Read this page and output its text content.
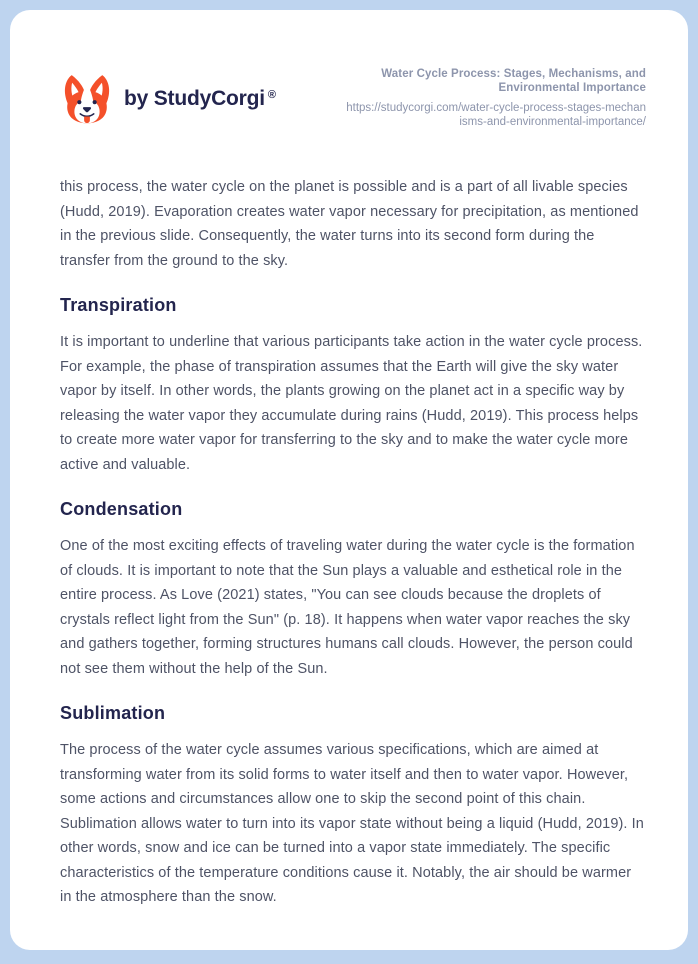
by StudyCorgi ®
Water Cycle Process: Stages, Mechanisms, and Environmental Importance
https://studycorgi.com/water-cycle-process-stages-mechanisms-and-environmental-importance/

this process, the water cycle on the planet is possible and is a part of all livable species (Hudd, 2019). Evaporation creates water vapor necessary for precipitation, as mentioned in the previous slide. Consequently, the water turns into its second form during the transfer from the ground to the sky.

Transpiration

It is important to underline that various participants take action in the water cycle process. For example, the phase of transpiration assumes that the Earth will give the sky water vapor by itself. In other words, the plants growing on the planet act in a specific way by releasing the water vapor they accumulate during rains (Hudd, 2019). This process helps to create more water vapor for transferring to the sky and to make the water cycle more active and valuable.

Condensation

One of the most exciting effects of traveling water during the water cycle is the formation of clouds. It is important to note that the Sun plays a valuable and esthetical role in the entire process. As Love (2021) states, "You can see clouds because the droplets of crystals reflect light from the Sun" (p. 18). It happens when water vapor reaches the sky and gathers together, forming structures humans call clouds. However, the person could not see them without the help of the Sun.

Sublimation

The process of the water cycle assumes various specifications, which are aimed at transforming water from its solid forms to water itself and then to water vapor. However, some actions and circumstances allow one to skip the second point of this chain. Sublimation allows water to turn into its vapor state without being a liquid (Hudd, 2019). In other words, snow and ice can be turned into a vapor state immediately. The specific characteristics of the temperature conditions cause it. Notably, the air should be warmer in the atmosphere than the snow.
